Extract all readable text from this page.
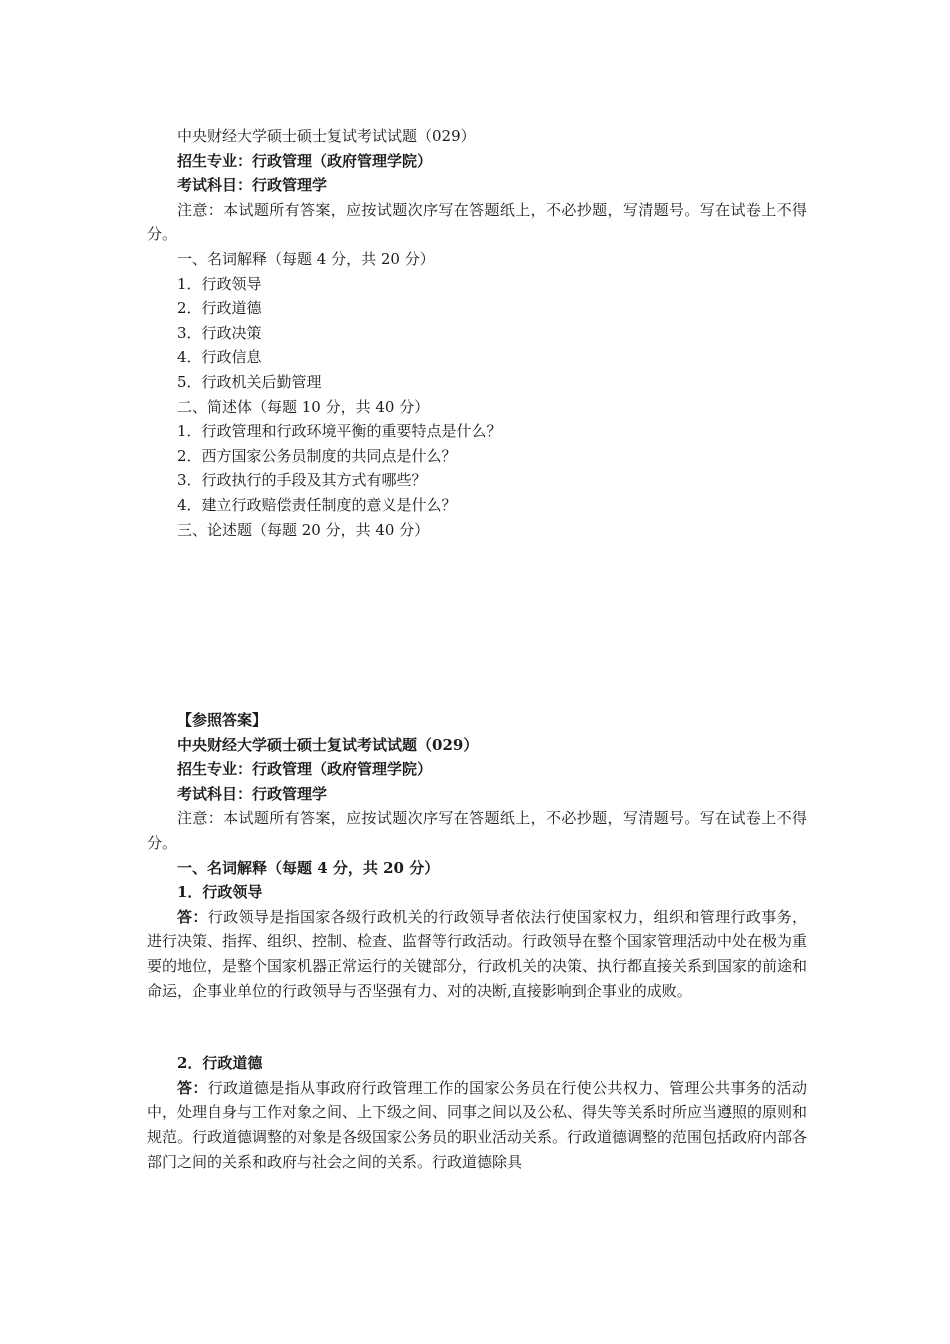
中央财经大学硕士硕士复试考试试题（029）
招生专业：行政管理（政府管理学院）
考试科目：行政管理学

注意：本试题所有答案，应按试题次序写在答题纸上，不必抄题，写清题号。写在试卷上不得分。

一、名词解释（每题 4 分，共 20 分）
1．行政领导
2．行政道德
3．行政决策
4．行政信息
5．行政机关后勤管理
二、简述体（每题 10 分，共 40 分）
1．行政管理和行政环境平衡的重要特点是什么？
2．西方国家公务员制度的共同点是什么？
3．行政执行的手段及其方式有哪些？
4．建立行政赔偿责任制度的意义是什么？
三、论述题（每题 20 分，共 40 分）
【参照答案】
中央财经大学硕士硕士复试考试试题（029）
招生专业：行政管理（政府管理学院）
考试科目：行政管理学

注意：本试题所有答案，应按试题次序写在答题纸上，不必抄题，写清题号。写在试卷上不得分。

一、名词解释（每题 4 分，共 20 分）
1．行政领导

答：行政领导是指国家各级行政机关的行政领导者依法行使国家权力，组织和管理行政事务，进行决策、指挥、组织、控制、检查、监督等行政活动。行政领导在整个国家管理活动中处在极为重要的地位，是整个国家机器正常运行的关键部分，行政机关的决策、执行都直接关系到国家的前途和命运，企事业单位的行政领导与否坚强有力、对的决断,直接影响到企事业的成败。

2．行政道德

答：行政道德是指从事政府行政管理工作的国家公务员在行使公共权力、管理公共事务的活动中，处理自身与工作对象之间、上下级之间、同事之间以及公私、得失等关系时所应当遵照的原则和规范。行政道德调整的对象是各级国家公务员的职业活动关系。行政道德调整的范围包括政府内部各部门之间的关系和政府与社会之间的关系。行政道德除具
